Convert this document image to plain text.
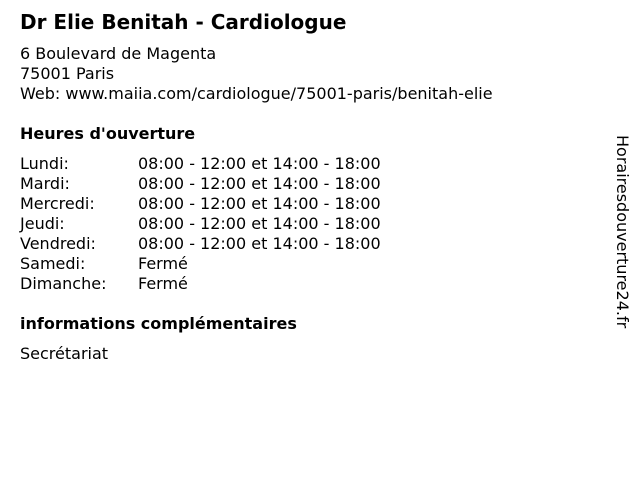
Dr Elie Benitah - Cardiologue
6 Boulevard de Magenta
75001 Paris
Web: www.maiia.com/cardiologue/75001-paris/benitah-elie
Heures d'ouverture
Lundi:	08:00 - 12:00 et 14:00 - 18:00
Mardi:	08:00 - 12:00 et 14:00 - 18:00
Mercredi:	08:00 - 12:00 et 14:00 - 18:00
Jeudi:	08:00 - 12:00 et 14:00 - 18:00
Vendredi:	08:00 - 12:00 et 14:00 - 18:00
Samedi:	Fermé
Dimanche: Fermé
informations complémentaires
Secrétariat
Horairesdouverture24.fr
